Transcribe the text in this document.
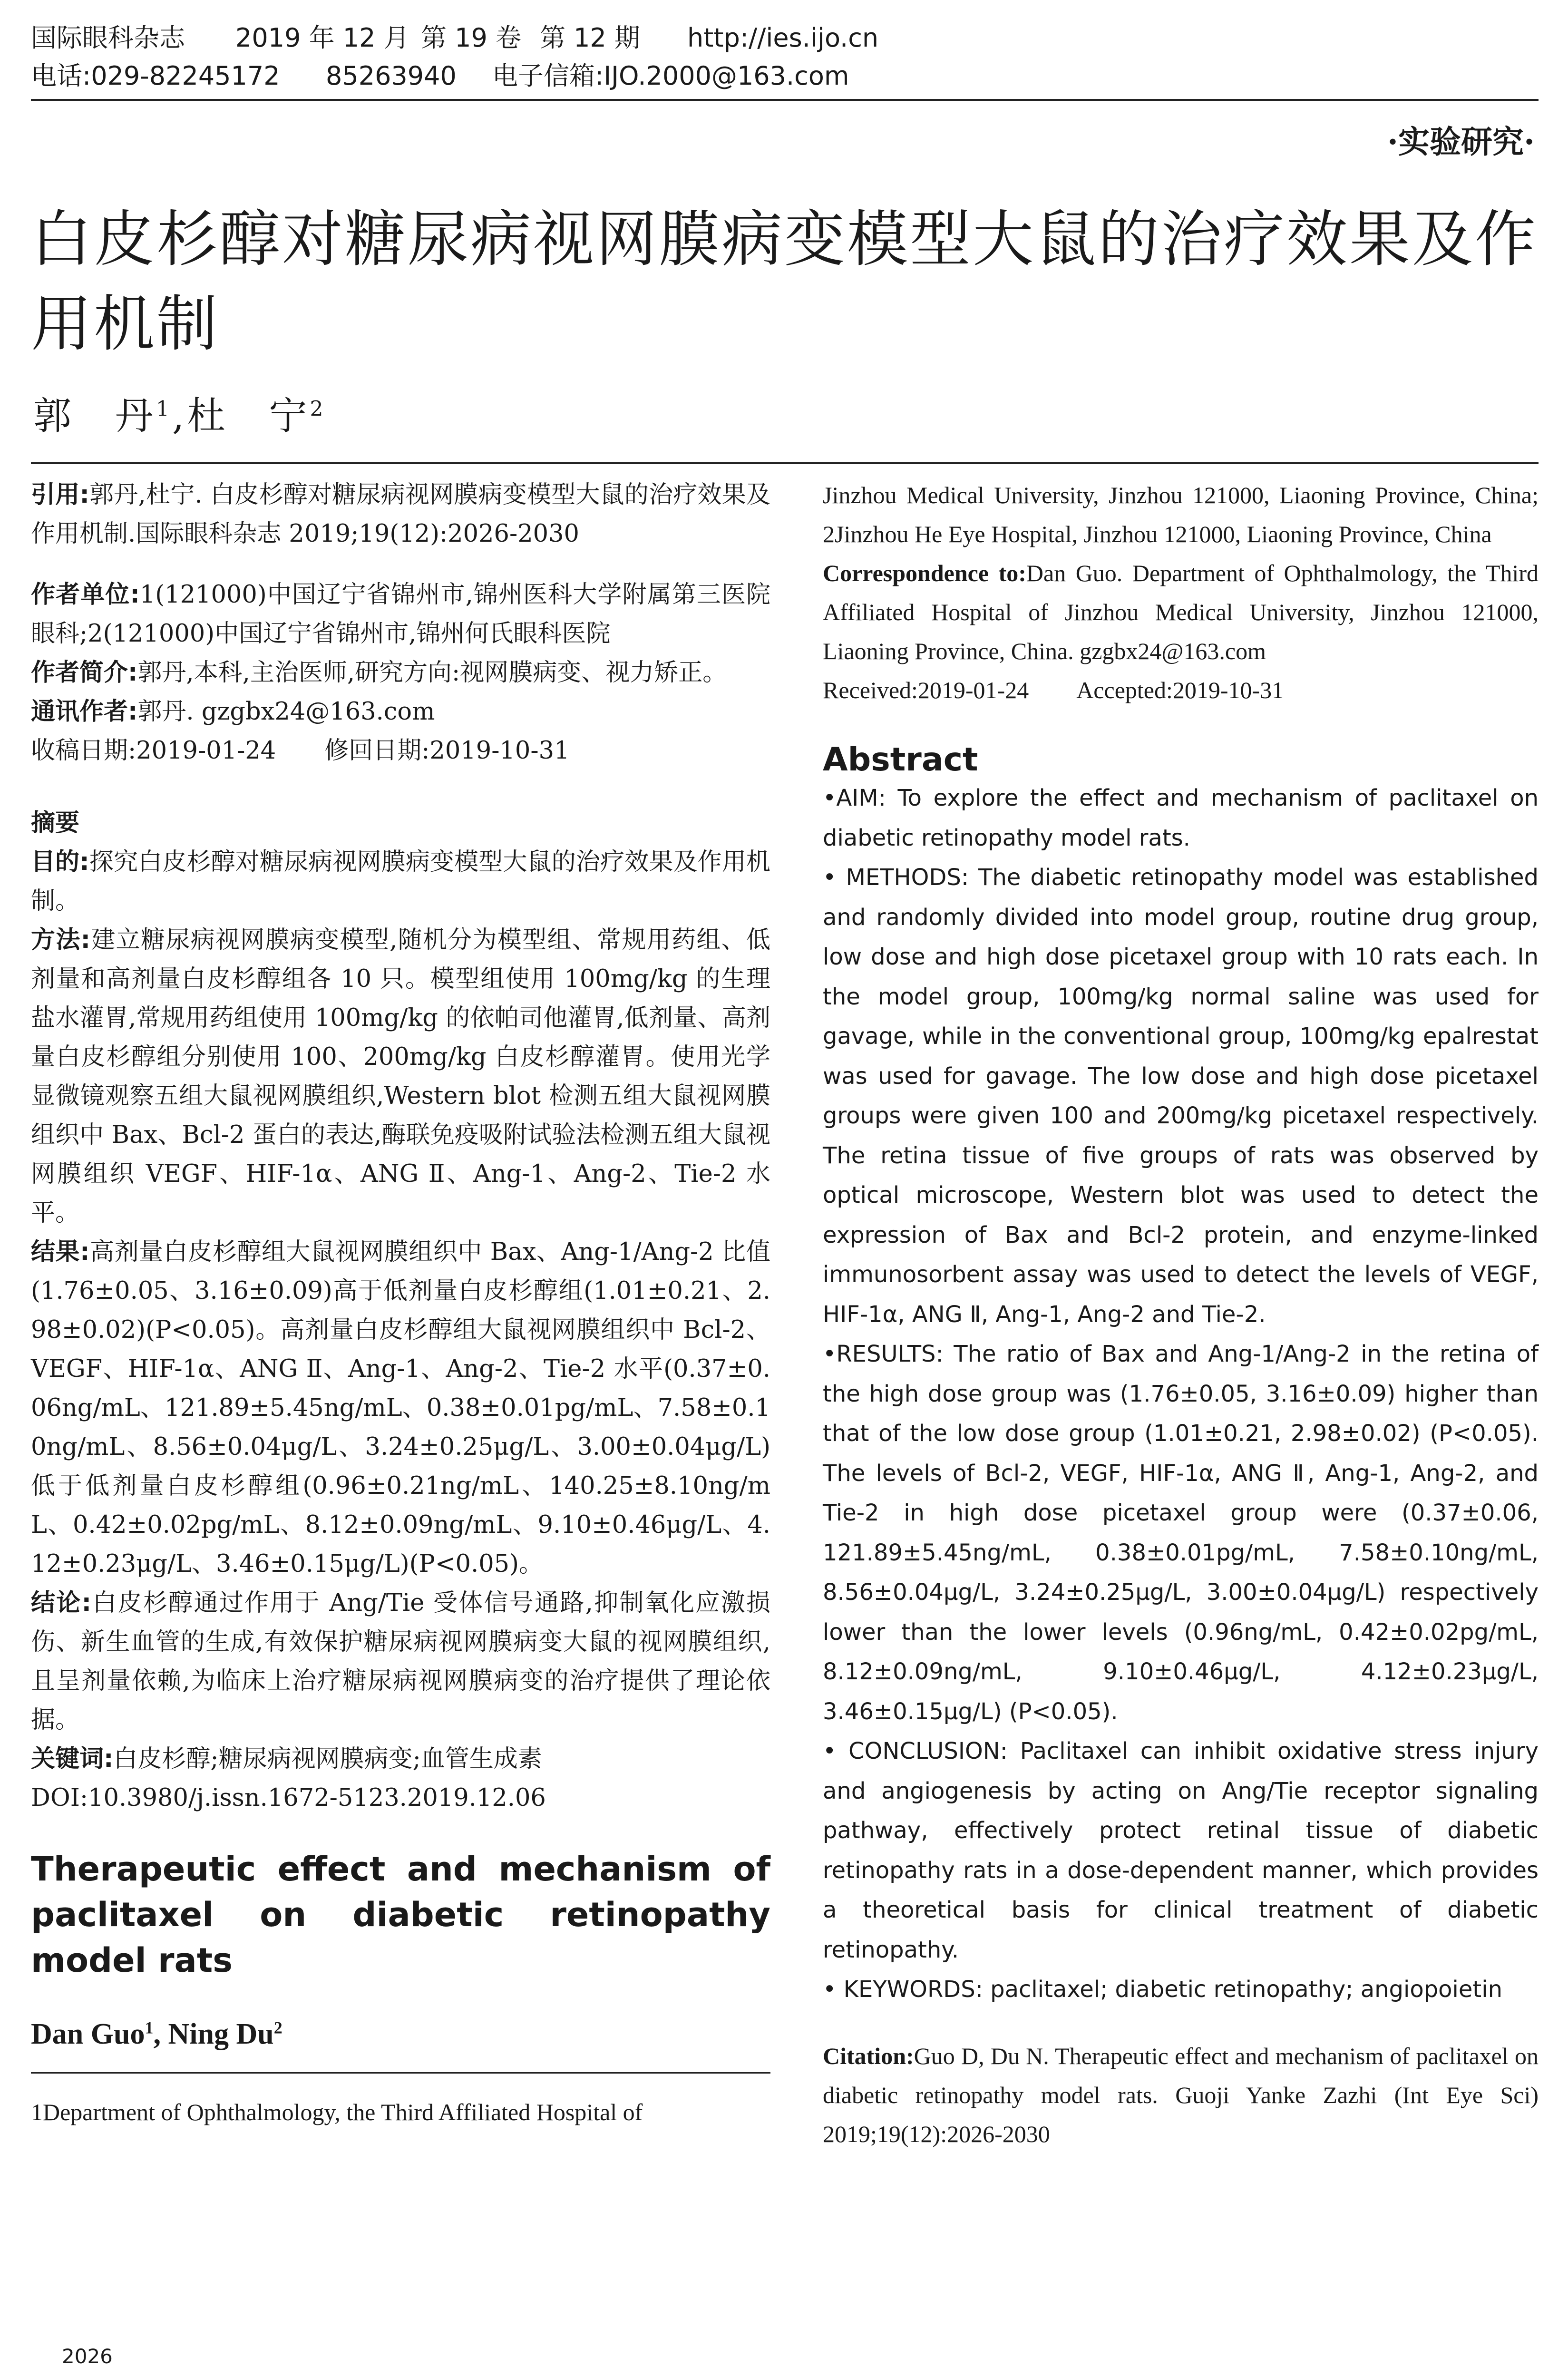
国际眼科杂志	2019 年 12 月 第 19 卷 第 12 期	http://ies.ijo.cn
电话:029-82245172	85263940	电子信箱:IJO.2000@163.com
·实验研究·
白皮杉醇对糖尿病视网膜病变模型大鼠的治疗效果及作用机制
郭　丹$^1$,杜　宁$^2$

引用:郭丹,杜宁. 白皮杉醇对糖尿病视网膜病变模型大鼠的治疗效果及作用机制.国际眼科杂志 2019;19(12):2026-2030

作者单位:1(121000)中国辽宁省锦州市,锦州医科大学附属第三医院眼科;2(121000)中国辽宁省锦州市,锦州何氏眼科医院

作者简介:郭丹,本科,主治医师,研究方向:视网膜病变、视力矫正。

通讯作者:郭丹. gzgbx24@163.com

收稿日期:2019-01-24　　修回日期:2019-10-31

摘要

目的:探究白皮杉醇对糖尿病视网膜病变模型大鼠的治疗效果及作用机制。

方法:建立糖尿病视网膜病变模型,随机分为模型组、常规用药组、低剂量和高剂量白皮杉醇组各 10 只。模型组使用 100mg/kg 的生理盐水灌胃,常规用药组使用 100mg/kg 的依帕司他灌胃,低剂量、高剂量白皮杉醇组分别使用 100、200mg/kg 白皮杉醇灌胃。使用光学显微镜观察五组大鼠视网膜组织,Western blot 检测五组大鼠视网膜组织中 Bax、Bcl-2 蛋白的表达,酶联免疫吸附试验法检测五组大鼠视网膜组织 VEGF、HIF-1α、ANG Ⅱ、Ang-1、Ang-2、Tie-2 水平。

结果:高剂量白皮杉醇组大鼠视网膜组织中 Bax、Ang-1/Ang-2 比值(1.76±0.05、3.16±0.09)高于低剂量白皮杉醇组(1.01±0.21、2.98±0.02)(P<0.05)。高剂量白皮杉醇组大鼠视网膜组织中 Bcl-2、VEGF、HIF-1α、ANG Ⅱ、Ang-1、Ang-2、Tie-2 水平(0.37±0.06ng/mL、121.89±5.45ng/mL、0.38±0.01pg/mL、7.58±0.10ng/mL、8.56±0.04μg/L、3.24±0.25μg/L、3.00±0.04μg/L)低于低剂量白皮杉醇组(0.96±0.21ng/mL、140.25±8.10ng/mL、0.42±0.02pg/mL、8.12±0.09ng/mL、9.10±0.46μg/L、4.12±0.23μg/L、3.46±0.15μg/L)(P<0.05)。

结论:白皮杉醇通过作用于 Ang/Tie 受体信号通路,抑制氧化应激损伤、新生血管的生成,有效保护糖尿病视网膜病变大鼠的视网膜组织,且呈剂量依赖,为临床上治疗糖尿病视网膜病变的治疗提供了理论依据。

关键词:白皮杉醇;糖尿病视网膜病变;血管生成素

DOI:10.3980/j.issn.1672-5123.2019.12.06

Therapeutic effect and mechanism of paclitaxel on diabetic retinopathy model rats

Dan Guo$^1$, Ning Du$^2$

1Department of Ophthalmology, the Third Affiliated Hospital of

Jinzhou Medical University, Jinzhou 121000, Liaoning Province, China; 2Jinzhou He Eye Hospital, Jinzhou 121000, Liaoning Province, China

Correspondence to:Dan Guo. Department of Ophthalmology, the Third Affiliated Hospital of Jinzhou Medical University, Jinzhou 121000, Liaoning Province, China. gzgbx24@163.com

Received:2019-01-24　　Accepted:2019-10-31

Abstract

•AIM: To explore the effect and mechanism of paclitaxel on diabetic retinopathy model rats.

• METHODS: The diabetic retinopathy model was established and randomly divided into model group, routine drug group, low dose and high dose picetaxel group with 10 rats each. In the model group, 100mg/kg normal saline was used for gavage, while in the conventional group, 100mg/kg epalrestat was used for gavage. The low dose and high dose picetaxel groups were given 100 and 200mg/kg picetaxel respectively. The retina tissue of five groups of rats was observed by optical microscope, Western blot was used to detect the expression of Bax and Bcl-2 protein, and enzyme-linked immunosorbent assay was used to detect the levels of VEGF, HIF-1α, ANG Ⅱ, Ang-1, Ang-2 and Tie-2.

•RESULTS: The ratio of Bax and Ang-1/Ang-2 in the retina of the high dose group was (1.76±0.05, 3.16±0.09) higher than that of the low dose group (1.01±0.21, 2.98±0.02) (P<0.05). The levels of Bcl-2, VEGF, HIF-1α, ANG Ⅱ, Ang-1, Ang-2, and Tie-2 in high dose picetaxel group were (0.37±0.06, 121.89±5.45ng/mL, 0.38±0.01pg/mL, 7.58±0.10ng/mL, 8.56±0.04μg/L, 3.24±0.25μg/L, 3.00±0.04μg/L) respectively lower than the lower levels (0.96ng/mL, 0.42±0.02pg/mL, 8.12±0.09ng/mL, 9.10±0.46μg/L, 4.12±0.23μg/L, 3.46±0.15μg/L) (P<0.05).

• CONCLUSION: Paclitaxel can inhibit oxidative stress injury and angiogenesis by acting on Ang/Tie receptor signaling pathway, effectively protect retinal tissue of diabetic retinopathy rats in a dose-dependent manner, which provides a theoretical basis for clinical treatment of diabetic retinopathy.

• KEYWORDS: paclitaxel; diabetic retinopathy; angiopoietin

Citation:Guo D, Du N. Therapeutic effect and mechanism of paclitaxel on diabetic retinopathy model rats. Guoji Yanke Zazhi (Int Eye Sci) 2019;19(12):2026-2030

2026
